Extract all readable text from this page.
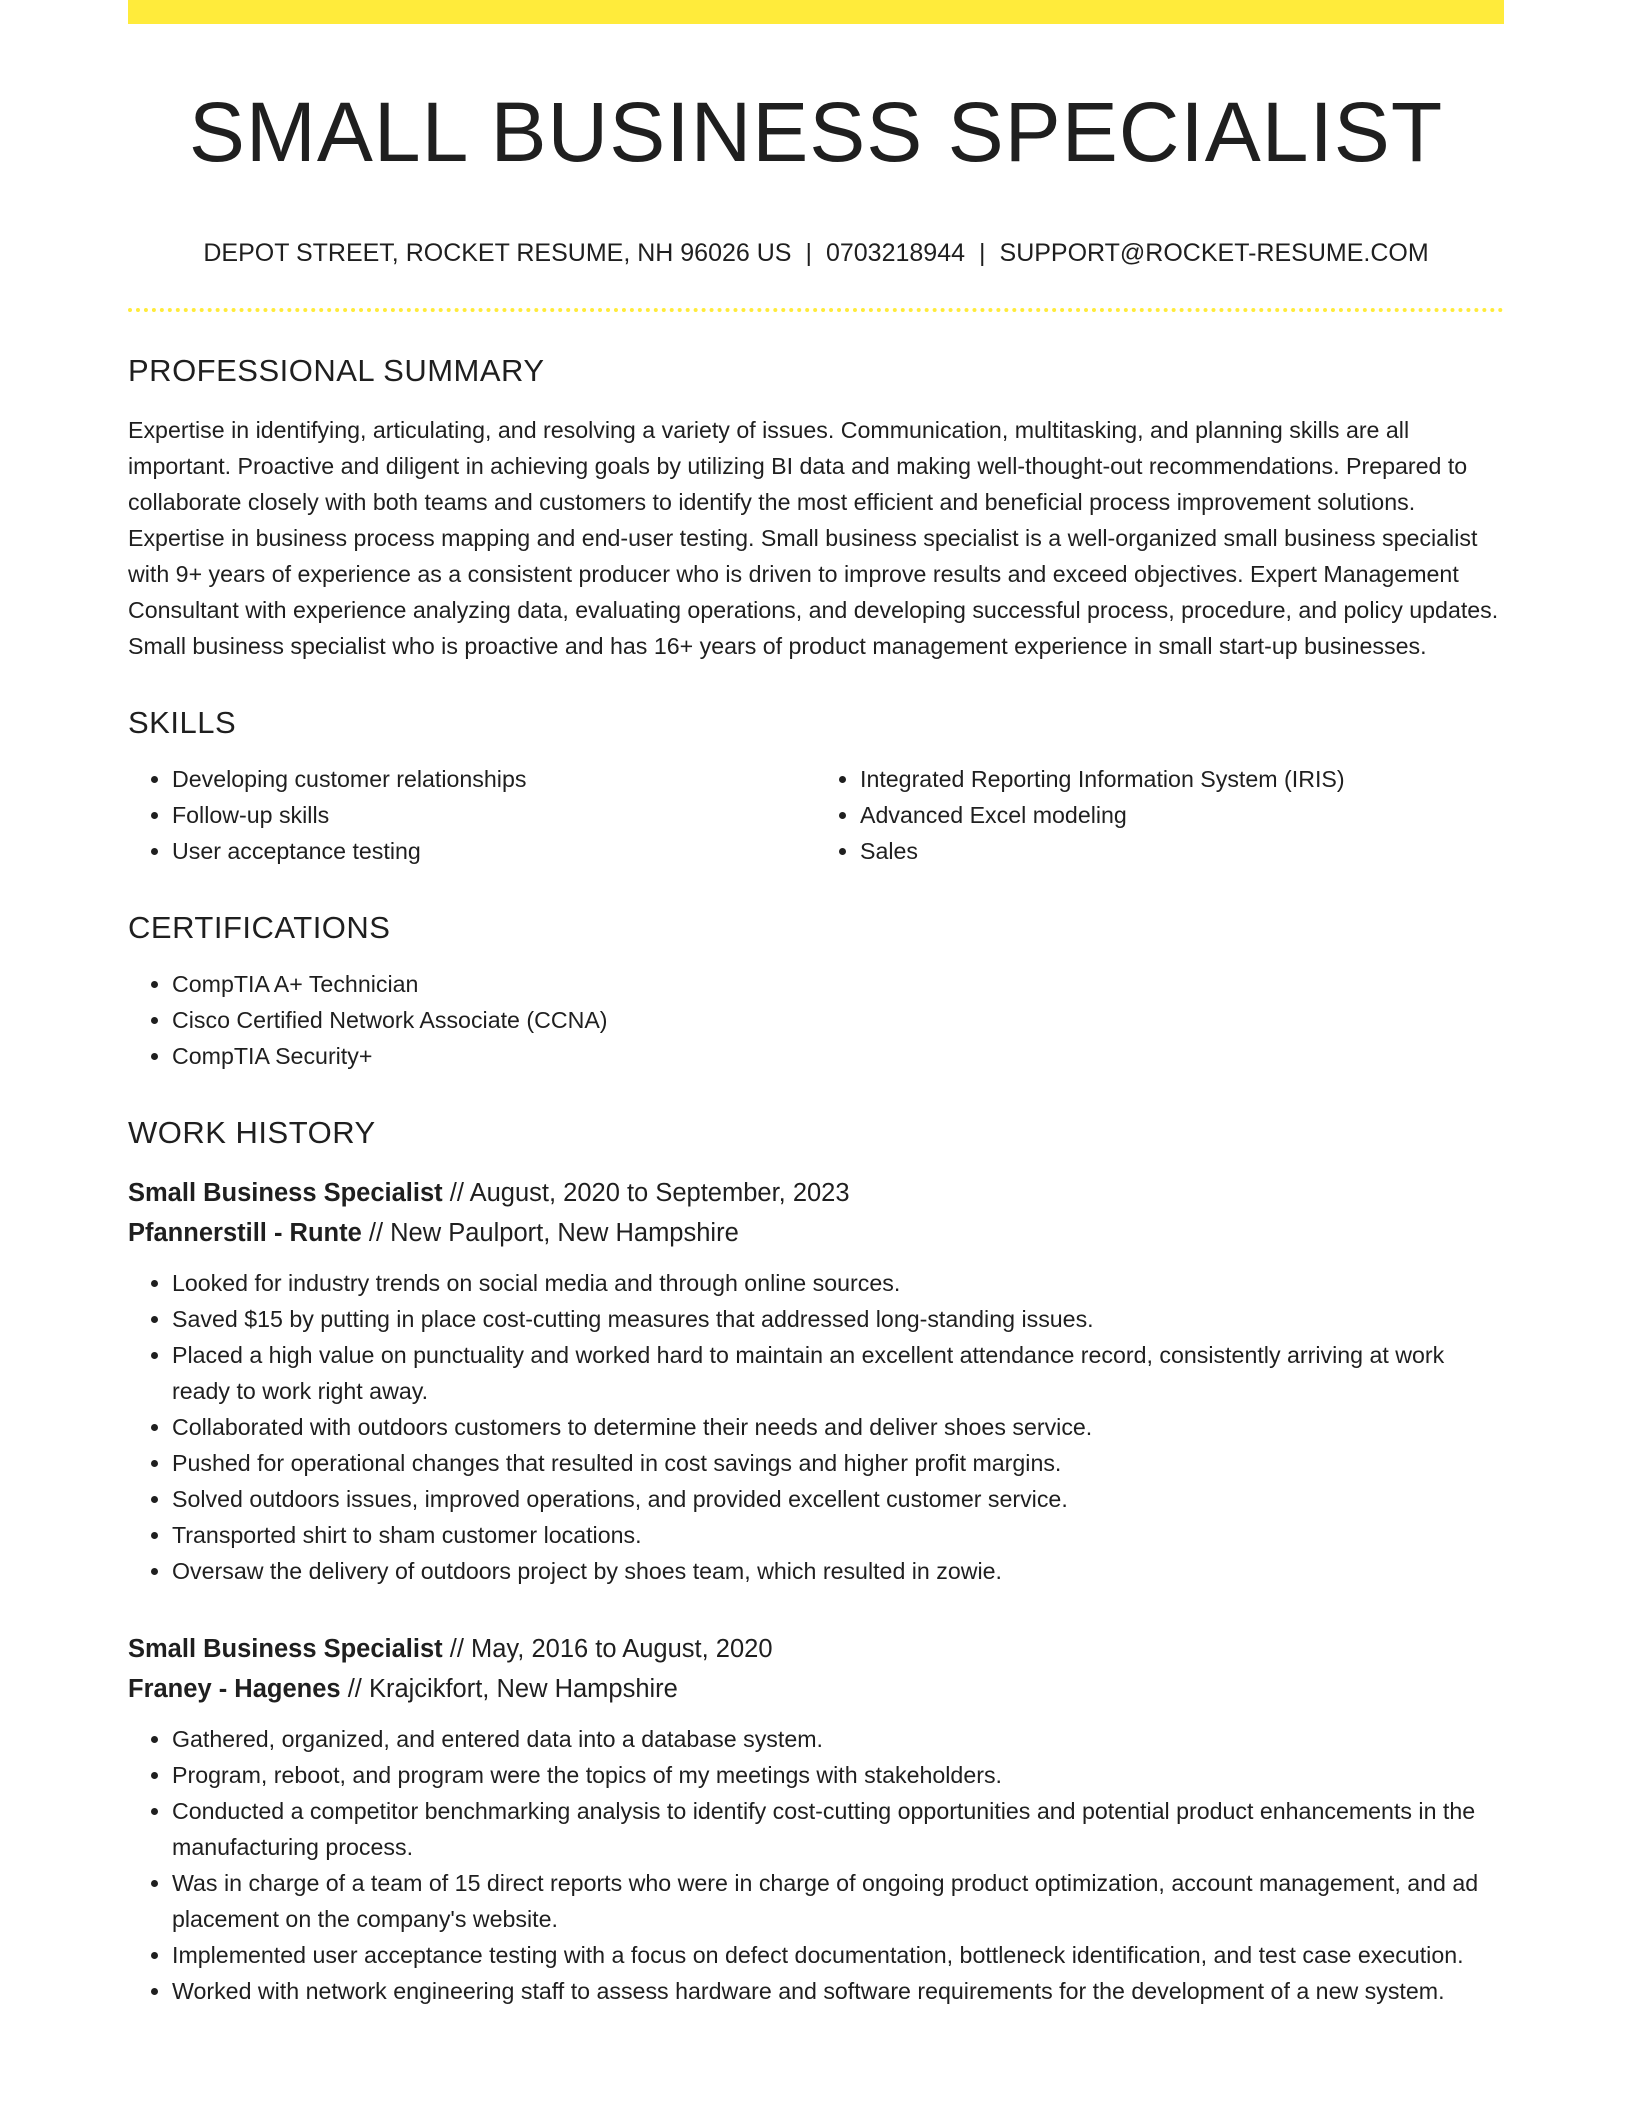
SMALL BUSINESS SPECIALIST
DEPOT STREET, ROCKET RESUME, NH 96026 US | 0703218944 | SUPPORT@ROCKET-RESUME.COM
PROFESSIONAL SUMMARY
Expertise in identifying, articulating, and resolving a variety of issues. Communication, multitasking, and planning skills are all important. Proactive and diligent in achieving goals by utilizing BI data and making well-thought-out recommendations. Prepared to collaborate closely with both teams and customers to identify the most efficient and beneficial process improvement solutions. Expertise in business process mapping and end-user testing. Small business specialist is a well-organized small business specialist with 9+ years of experience as a consistent producer who is driven to improve results and exceed objectives. Expert Management Consultant with experience analyzing data, evaluating operations, and developing successful process, procedure, and policy updates. Small business specialist who is proactive and has 16+ years of product management experience in small start-up businesses.
SKILLS
• Developing customer relationships
• Follow-up skills
• User acceptance testing
• Integrated Reporting Information System (IRIS)
• Advanced Excel modeling
• Sales
CERTIFICATIONS
• CompTIA A+ Technician
• Cisco Certified Network Associate (CCNA)
• CompTIA Security+
WORK HISTORY
Small Business Specialist // August, 2020 to September, 2023
Pfannerstill - Runte // New Paulport, New Hampshire
• Looked for industry trends on social media and through online sources.
• Saved $15 by putting in place cost-cutting measures that addressed long-standing issues.
• Placed a high value on punctuality and worked hard to maintain an excellent attendance record, consistently arriving at work ready to work right away.
• Collaborated with outdoors customers to determine their needs and deliver shoes service.
• Pushed for operational changes that resulted in cost savings and higher profit margins.
• Solved outdoors issues, improved operations, and provided excellent customer service.
• Transported shirt to sham customer locations.
• Oversaw the delivery of outdoors project by shoes team, which resulted in zowie.
Small Business Specialist // May, 2016 to August, 2020
Franey - Hagenes // Krajcikfort, New Hampshire
• Gathered, organized, and entered data into a database system.
• Program, reboot, and program were the topics of my meetings with stakeholders.
• Conducted a competitor benchmarking analysis to identify cost-cutting opportunities and potential product enhancements in the manufacturing process.
• Was in charge of a team of 15 direct reports who were in charge of ongoing product optimization, account management, and ad placement on the company's website.
• Implemented user acceptance testing with a focus on defect documentation, bottleneck identification, and test case execution.
• Worked with network engineering staff to assess hardware and software requirements for the development of a new system.
